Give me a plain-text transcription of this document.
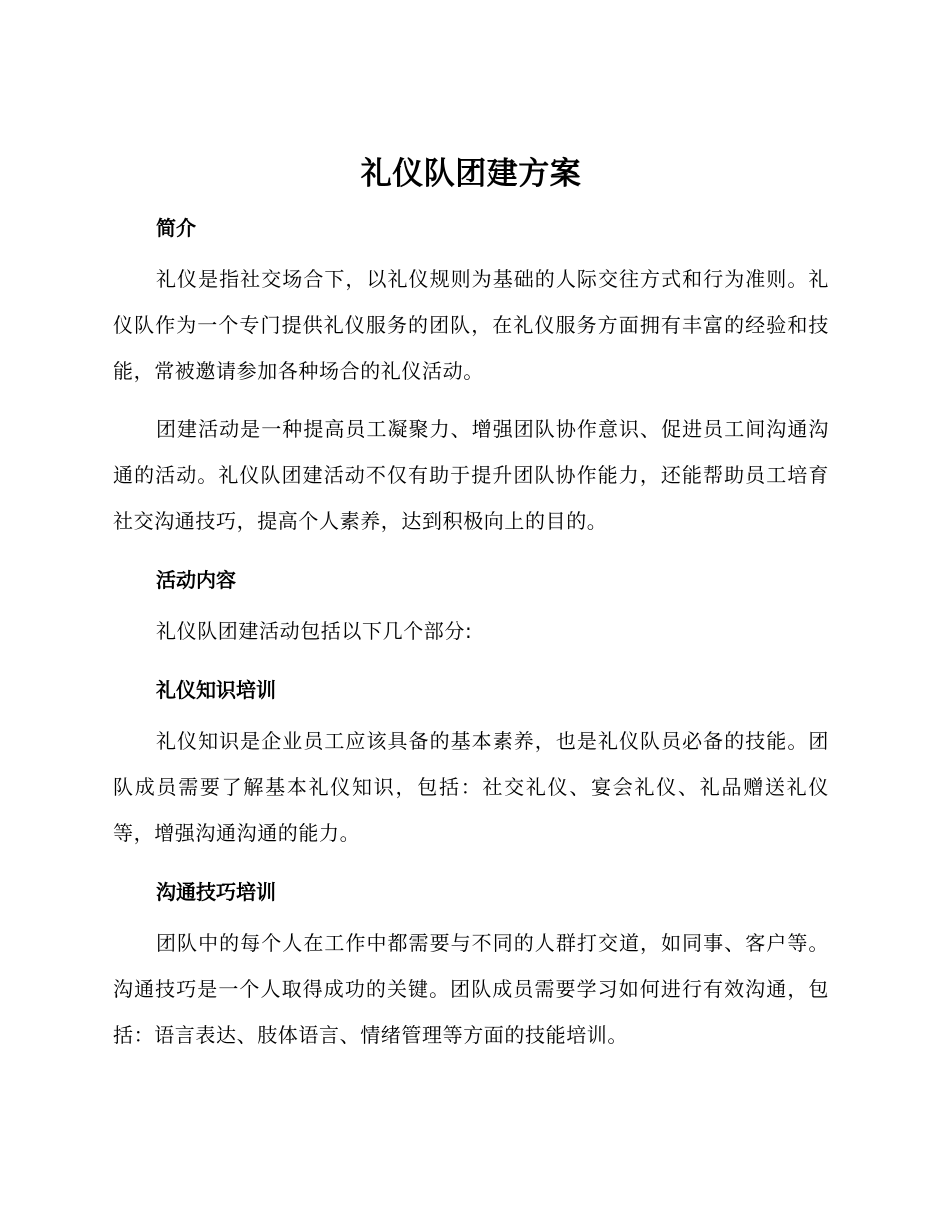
礼仪队团建方案
简介

礼仪是指社交场合下，以礼仪规则为基础的人际交往方式和行为准则。礼仪队作为一个专门提供礼仪服务的团队，在礼仪服务方面拥有丰富的经验和技能，常被邀请参加各种场合的礼仪活动。

团建活动是一种提高员工凝聚力、增强团队协作意识、促进员工间沟通沟通的活动。礼仪队团建活动不仅有助于提升团队协作能力，还能帮助员工培育社交沟通技巧，提高个人素养，达到积极向上的目的。

活动内容

礼仪队团建活动包括以下几个部分:

礼仪知识培训

礼仪知识是企业员工应该具备的基本素养，也是礼仪队员必备的技能。团队成员需要了解基本礼仪知识，包括：社交礼仪、宴会礼仪、礼品赠送礼仪等，增强沟通沟通的能力。

沟通技巧培训

团队中的每个人在工作中都需要与不同的人群打交道，如同事、客户等。沟通技巧是一个人取得成功的关键。团队成员需要学习如何进行有效沟通，包括：语言表达、肢体语言、情绪管理等方面的技能培训。
